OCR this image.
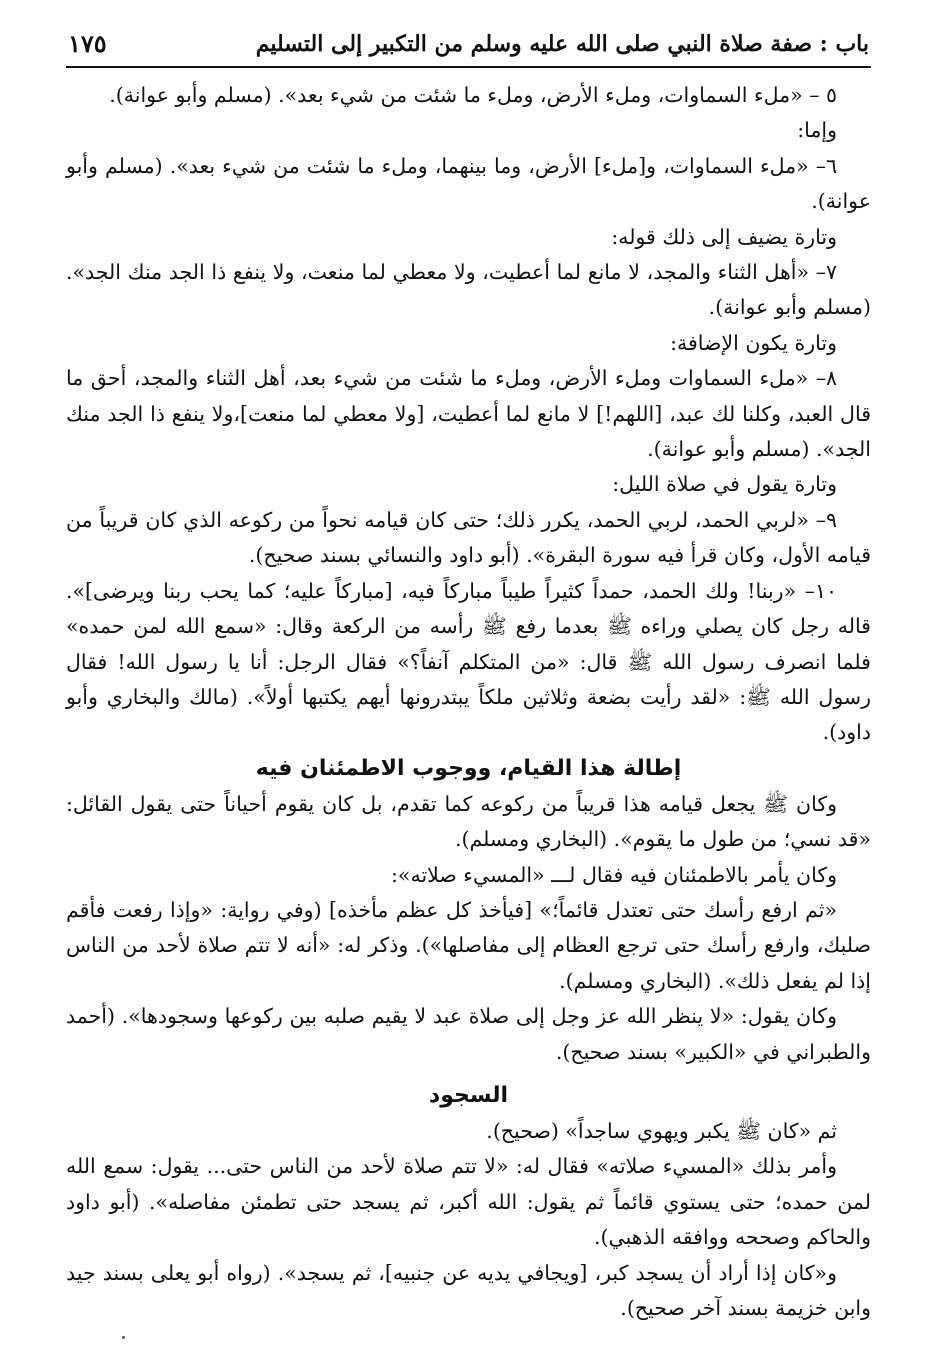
باب : صفة صلاة النبي صلى الله عليه وسلم من التكبير إلى التسليم
١٧٥

٥ – «ملء السماوات، وملء الأرض، وملء ما شئت من شيء بعد». (مسلم وأبو عوانة).

وإما:

٦– «ملء السماوات، و[ملء] الأرض، وما بينهما، وملء ما شئت من شيء بعد». (مسلم وأبو عوانة).

وتارة يضيف إلى ذلك قوله:

٧– «أهل الثناء والمجد، لا مانع لما أعطيت، ولا معطي لما منعت، ولا ينفع ذا الجد منك الجد». (مسلم وأبو عوانة).

وتارة يكون الإضافة:

٨– «ملء السماوات وملء الأرض، وملء ما شئت من شيء بعد، أهل الثناء والمجد، أحق ما قال العبد، وكلنا لك عبد، [اللهم!] لا مانع لما أعطيت، [ولا معطي لما منعت]،ولا ينفع ذا الجد منك الجد». (مسلم وأبو عوانة).

وتارة يقول في صلاة الليل:

٩– «لربي الحمد، لربي الحمد، يكرر ذلك؛ حتى كان قيامه نحواً من ركوعه الذي كان قريباً من قيامه الأول، وكان قرأ فيه سورة البقرة». (أبو داود والنسائي بسند صحيح).

١٠– «ربنا! ولك الحمد، حمداً كثيراً طيباً مباركاً فيه، [مباركاً عليه؛ كما يحب ربنا ويرضى]». قاله رجل كان يصلي وراءه ﷺ بعدما رفع ﷺ رأسه من الركعة وقال: «سمع الله لمن حمده» فلما انصرف رسول الله ﷺ قال: «من المتكلم آنفاً؟» فقال الرجل: أنا يا رسول الله! فقال رسول الله ﷺ: «لقد رأيت بضعة وثلاثين ملكاً يبتدرونها أيهم يكتبها أولاً». (مالك والبخاري وأبو داود).

إطالة هذا القيام، ووجوب الاطمئنان فيه

وكان ﷺ يجعل قيامه هذا قريباً من ركوعه كما تقدم، بل كان يقوم أحياناً حتى يقول القائل: «قد نسي؛ من طول ما يقوم». (البخاري ومسلم).

وكان يأمر بالاطمئنان فيه فقال لـــ «المسيء صلاته»:

«ثم ارفع رأسك حتى تعتدل قائماً؛» [فيأخذ كل عظم مأخذه] (وفي رواية: «وإذا رفعت فأقم صلبك، وارفع رأسك حتى ترجع العظام إلى مفاصلها»). وذكر له: «أنه لا تتم صلاة لأحد من الناس إذا لم يفعل ذلك». (البخاري ومسلم).

وكان يقول: «لا ينظر الله عز وجل إلى صلاة عبد لا يقيم صلبه بين ركوعها وسجودها». (أحمد والطبراني في «الكبير» بسند صحيح).

السجود

ثم «كان ﷺ يكبر ويهوي ساجداً» (صحيح).

وأمر بذلك «المسيء صلاته» فقال له: «لا تتم صلاة لأحد من الناس حتى... يقول: سمع الله لمن حمده؛ حتى يستوي قائماً ثم يقول: الله أكبر، ثم يسجد حتى تطمئن مفاصله». (أبو داود والحاكم وصححه ووافقه الذهبي).

و«كان إذا أراد أن يسجد كبر، [ويجافي يديه عن جنبيه]، ثم يسجد». (رواه أبو يعلى بسند جيد وابن خزيمة بسند آخر صحيح).
